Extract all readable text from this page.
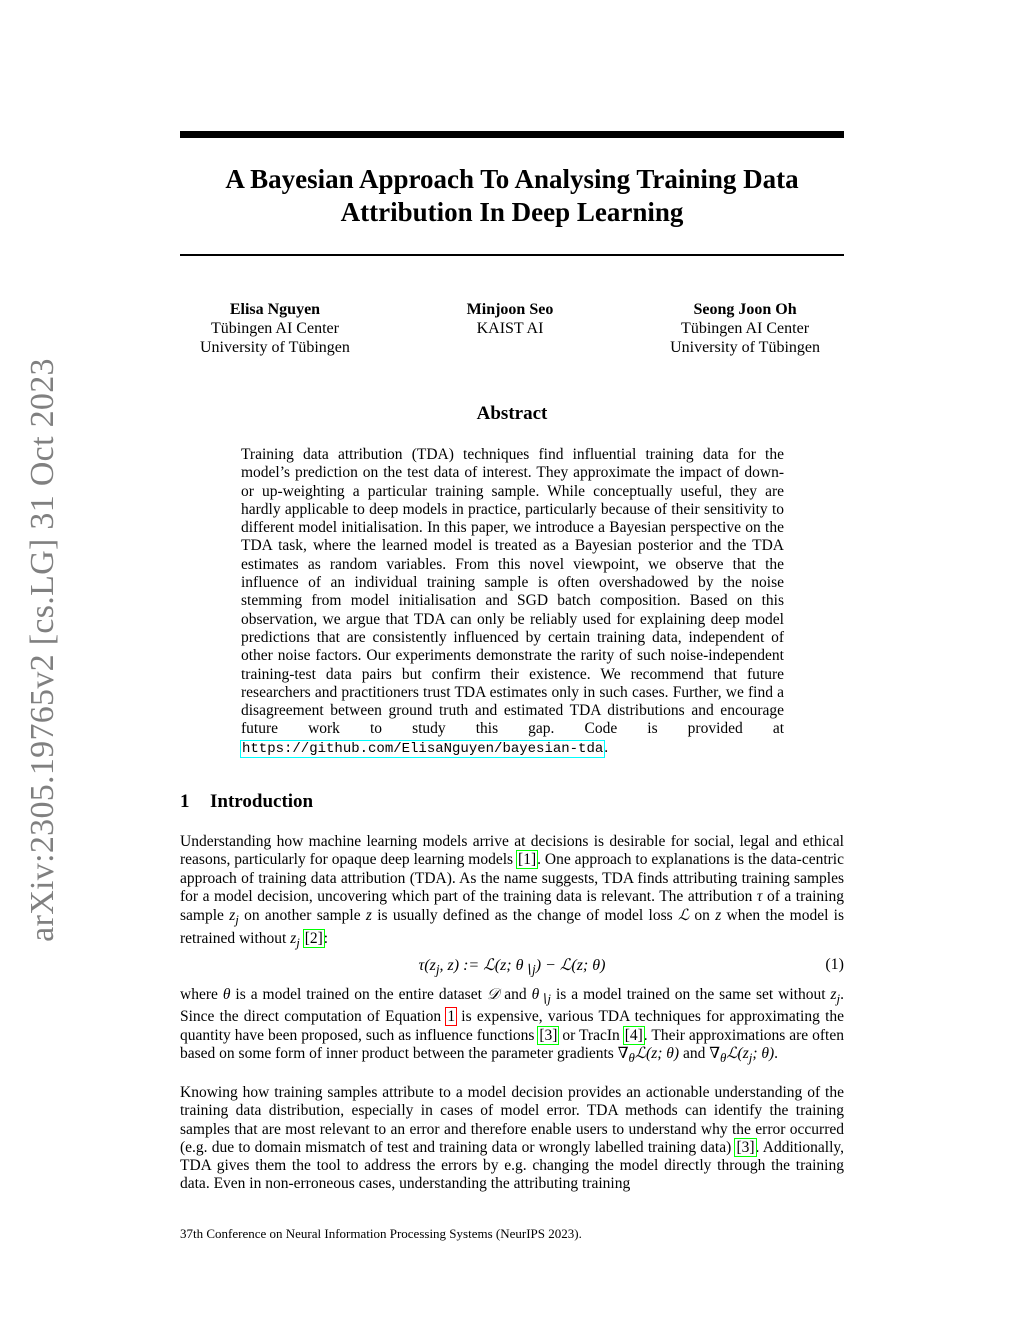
arXiv:2305.19765v2 [cs.LG] 31 Oct 2023
A Bayesian Approach To Analysing Training Data
Attribution In Deep Learning
Elisa Nguyen
Tübingen AI Center
University of Tübingen
Minjoon Seo
KAIST AI
Seong Joon Oh
Tübingen AI Center
University of Tübingen
Abstract

Training data attribution (TDA) techniques find influential training data for the model’s prediction on the test data of interest. They approximate the impact of down- or up-weighting a particular training sample. While conceptually useful, they are hardly applicable to deep models in practice, particularly because of their sensitivity to different model initialisation. In this paper, we introduce a Bayesian perspective on the TDA task, where the learned model is treated as a Bayesian posterior and the TDA estimates as random variables. From this novel viewpoint, we observe that the influence of an individual training sample is often overshadowed by the noise stemming from model initialisation and SGD batch composition. Based on this observation, we argue that TDA can only be reliably used for explaining deep model predictions that are consistently influenced by certain training data, independent of other noise factors. Our experiments demonstrate the rarity of such noise-independent training-test data pairs but confirm their existence. We recommend that future researchers and practitioners trust TDA estimates only in such cases. Further, we find a disagreement between ground truth and estimated TDA distributions and encourage future work to study this gap. Code is provided at https://github.com/ElisaNguyen/bayesian-tda.

1 Introduction

Understanding how machine learning models arrive at decisions is desirable for social, legal and ethical reasons, particularly for opaque deep learning models [1]. One approach to explanations is the data-centric approach of training data attribution (TDA). As the name suggests, TDA finds attributing training samples for a model decision, uncovering which part of the training data is relevant. The attribution τ of a training sample $z_j$ on another sample z is usually defined as the change of model loss ℒ on z when the model is retrained without $z_j$ [2]:

$\tau(z_j$, z) := ℒ(z; $\theta_{∖j}$) − ℒ(z; θ)	(1)

where θ is a model trained on the entire dataset 𝒟 and $\theta_{∖j}$ is a model trained on the same set without $z_j$. Since the direct computation of Equation 1 is expensive, various TDA techniques for approximating the quantity have been proposed, such as influence functions [3] or TracIn [4]. Their approximations are often based on some form of inner product between the parameter gradients $\nabla_\theta ℒ(z$; θ) and $\nabla_\theta ℒ(z_j$; θ).

Knowing how training samples attribute to a model decision provides an actionable understanding of the training data distribution, especially in cases of model error. TDA methods can identify the training samples that are most relevant to an error and therefore enable users to understand why the error occurred (e.g. due to domain mismatch of test and training data or wrongly labelled training data) [3]. Additionally, TDA gives them the tool to address the errors by e.g. changing the model directly through the training data. Even in non-erroneous cases, understanding the attributing training

37th Conference on Neural Information Processing Systems (NeurIPS 2023).
